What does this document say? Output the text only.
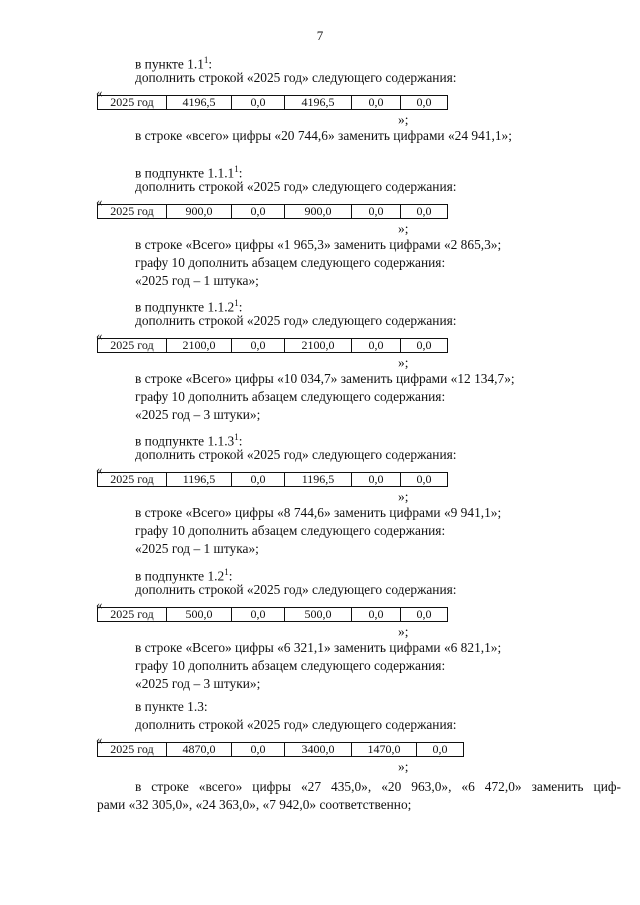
7
в пункте $1.1^1$:
дополнить строкой «2025 год» следующего содержания:
«
2025 год	4196,5	0,0	4196,5	0,0	0,0
»;
в строке «всего» цифры «20 744,6» заменить цифрами «24 941,1»;
в подпункте 1.1.1$^1$:
дополнить строкой «2025 год» следующего содержания:
«
2025 год	900,0	0,0	900,0	0,0	0,0
»;
в строке «Всего» цифры «1 965,3» заменить цифрами «2 865,3»;
графу 10 дополнить абзацем следующего содержания:
«2025 год – 1 штука»;
в подпункте 1.1.2$^1$:
дополнить строкой «2025 год» следующего содержания:
«
2025 год	2100,0	0,0	2100,0	0,0	0,0
»;
в строке «Всего» цифры «10 034,7» заменить цифрами «12 134,7»;
графу 10 дополнить абзацем следующего содержания:
«2025 год – 3 штуки»;
в подпункте 1.1.3$^1$:
дополнить строкой «2025 год» следующего содержания:
«
2025 год	1196,5	0,0	1196,5	0,0	0,0
»;
в строке «Всего» цифры «8 744,6» заменить цифрами «9 941,1»;
графу 10 дополнить абзацем следующего содержания:
«2025 год – 1 штука»;
в подпункте $1.2^1$:
дополнить строкой «2025 год» следующего содержания:
«
2025 год	500,0	0,0	500,0	0,0	0,0
»;
в строке «Всего» цифры «6 321,1» заменить цифрами «6 821,1»;
графу 10 дополнить абзацем следующего содержания:
«2025 год – 3 штуки»;
в пункте 1.3:
дополнить строкой «2025 год» следующего содержания:
«
2025 год	4870,0	0,0	3400,0	1470,0	0,0
»;
в строке «всего» цифры «27 435,0», «20 963,0», «6 472,0» заменить циф-
рами «32 305,0», «24 363,0», «7 942,0» соответственно;
